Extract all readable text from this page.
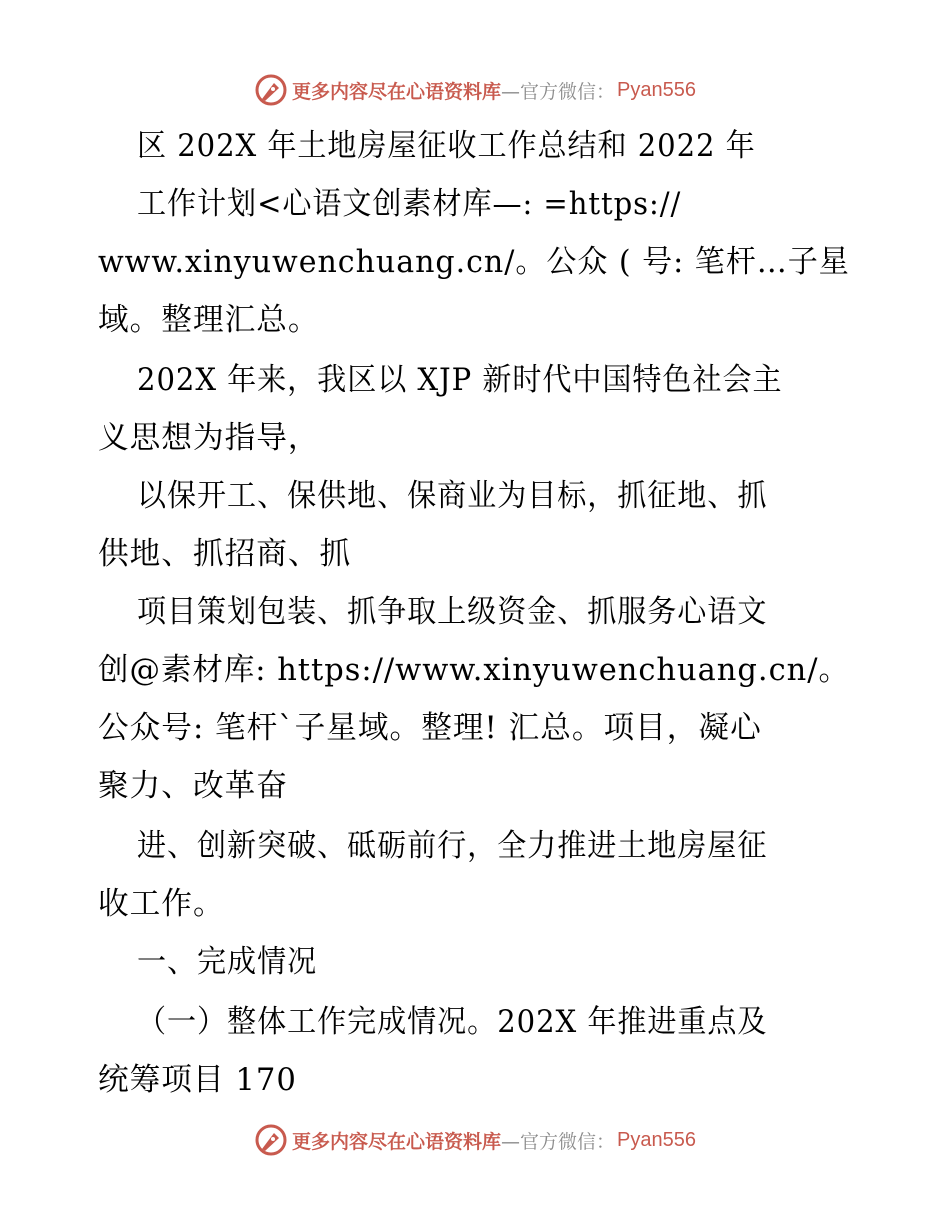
更多内容尽在心语资料库 —官方微信： Pyan556
区 202X 年土地房屋征收工作总结和 2022 年
工作计划<心语文创素材库—: =https://
www.xinyuwenchuang.cn/。公众 ( 号: 笔杆…子星
域。整理汇总。
202X 年来，我区以 XJP 新时代中国特色社会主
义思想为指导，
以保开工、保供地、保商业为目标，抓征地、抓
供地、抓招商、抓
项目策划包装、抓争取上级资金、抓服务心语文
创@素材库: https://www.xinyuwenchuang.cn/。
公众号: 笔杆`子星域。整理! 汇总。项目，凝心
聚力、改革奋
进、创新突破、砥砺前行，全力推进土地房屋征
收工作。
一、完成情况
（一）整体工作完成情况。202X 年推进重点及
统筹项目 170
更多内容尽在心语资料库 —官方微信： Pyan556
